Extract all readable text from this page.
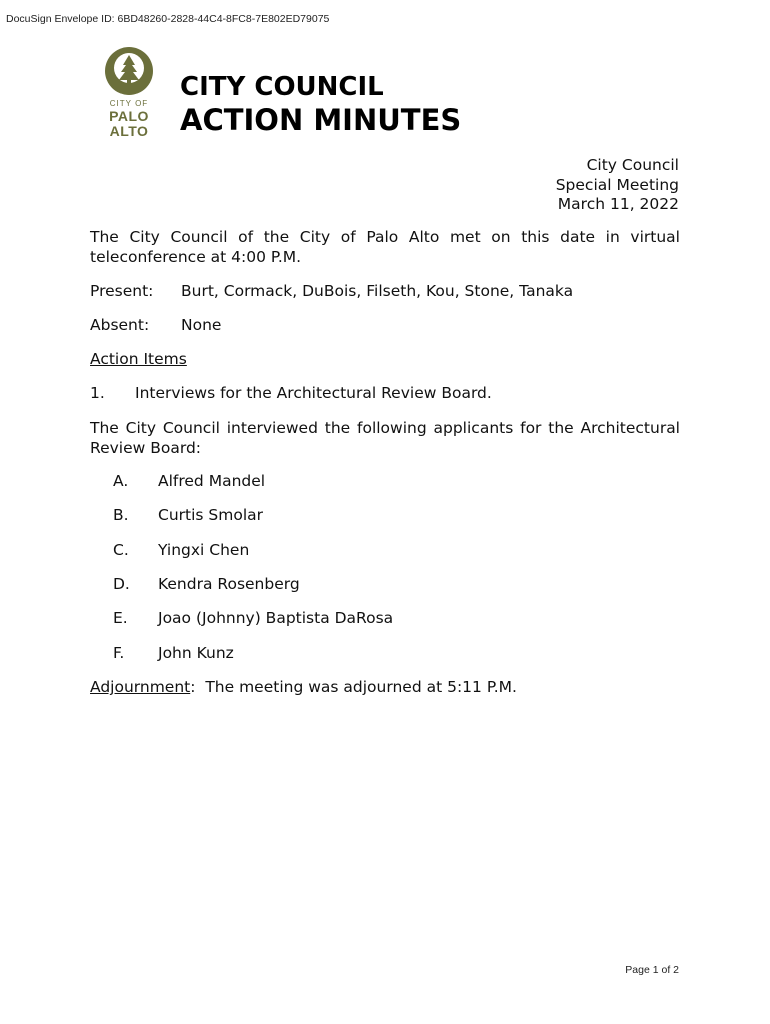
DocuSign Envelope ID: 6BD48260-2828-44C4-8FC8-7E802ED79075
CITY OF
PALO
ALTO
CITY COUNCIL
ACTION MINUTES
City Council
Special Meeting
March 11, 2022
The City Council of the City of Palo Alto met on this date in virtual teleconference at 4:00 P.M.
Present: Burt, Cormack, DuBois, Filseth, Kou, Stone, Tanaka
Absent: None
Action Items
1. Interviews for the Architectural Review Board.
The City Council interviewed the following applicants for the Architectural Review Board:
A. Alfred Mandel
B. Curtis Smolar
C. Yingxi Chen
D. Kendra Rosenberg
E. Joao (Johnny) Baptista DaRosa
F. John Kunz
Adjournment:  The meeting was adjourned at 5:11 P.M.
Page 1 of 2
